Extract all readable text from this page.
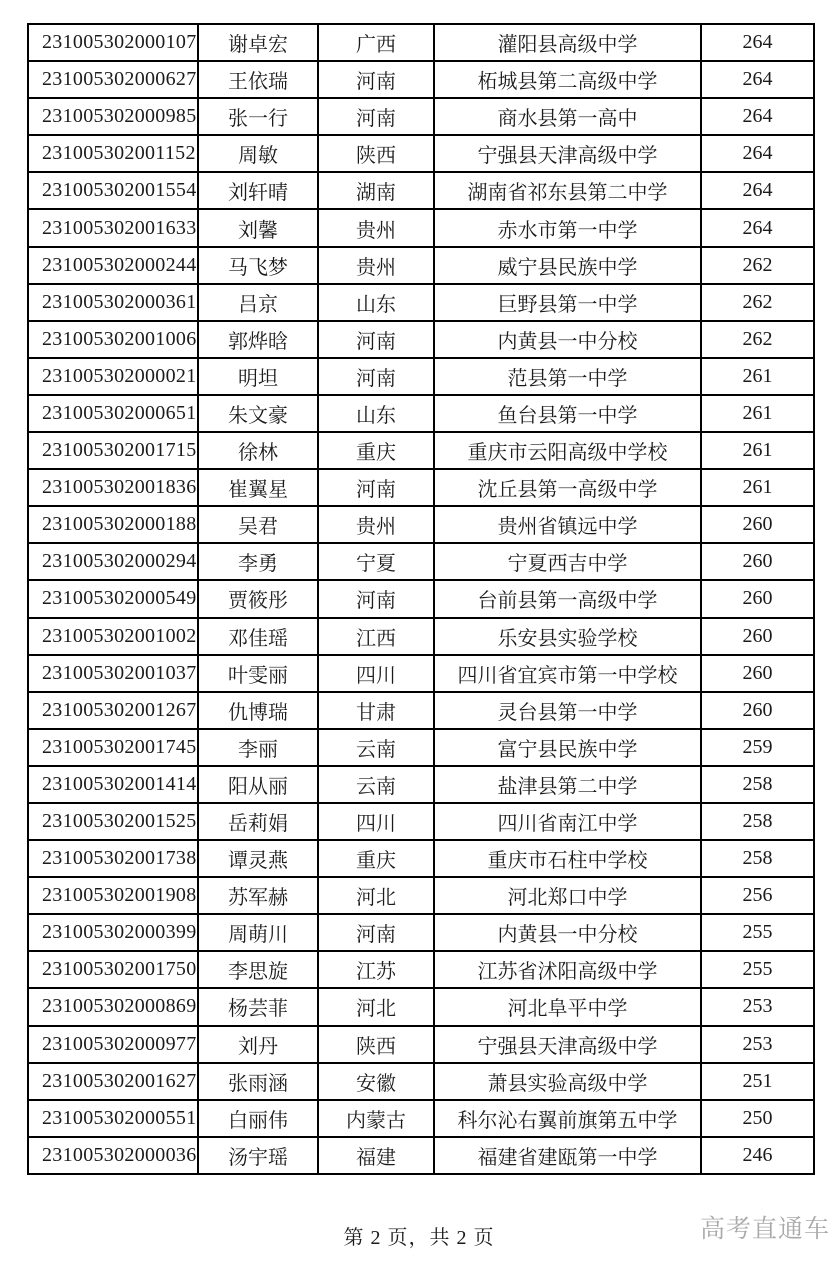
231005302000107	谢卓宏	广西	灌阳县高级中学	264
231005302000627	王依瑞	河南	柘城县第二高级中学	264
231005302000985	张一行	河南	商水县第一高中	264
231005302001152	周敏	陕西	宁强县天津高级中学	264
231005302001554	刘轩晴	湖南	湖南省祁东县第二中学	264
231005302001633	刘馨	贵州	赤水市第一中学	264
231005302000244	马飞梦	贵州	威宁县民族中学	262
231005302000361	吕京	山东	巨野县第一中学	262
231005302001006	郭烨晗	河南	内黄县一中分校	262
231005302000021	明坦	河南	范县第一中学	261
231005302000651	朱文豪	山东	鱼台县第一中学	261
231005302001715	徐林	重庆	重庆市云阳高级中学校	261
231005302001836	崔翼星	河南	沈丘县第一高级中学	261
231005302000188	吴君	贵州	贵州省镇远中学	260
231005302000294	李勇	宁夏	宁夏西吉中学	260
231005302000549	贾筱彤	河南	台前县第一高级中学	260
231005302001002	邓佳瑶	江西	乐安县实验学校	260
231005302001037	叶雯丽	四川	四川省宜宾市第一中学校	260
231005302001267	仇博瑞	甘肃	灵台县第一中学	260
231005302001745	李丽	云南	富宁县民族中学	259
231005302001414	阳从丽	云南	盐津县第二中学	258
231005302001525	岳莉娟	四川	四川省南江中学	258
231005302001738	谭灵燕	重庆	重庆市石柱中学校	258
231005302001908	苏军赫	河北	河北郑口中学	256
231005302000399	周萌川	河南	内黄县一中分校	255
231005302001750	李思旋	江苏	江苏省沭阳高级中学	255
231005302000869	杨芸菲	河北	河北阜平中学	253
231005302000977	刘丹	陕西	宁强县天津高级中学	253
231005302001627	张雨涵	安徽	萧县实验高级中学	251
231005302000551	白丽伟	内蒙古	科尔沁右翼前旗第五中学	250
231005302000036	汤宇瑶	福建	福建省建瓯第一中学	246
第 2 页，共 2 页	高考直通车
